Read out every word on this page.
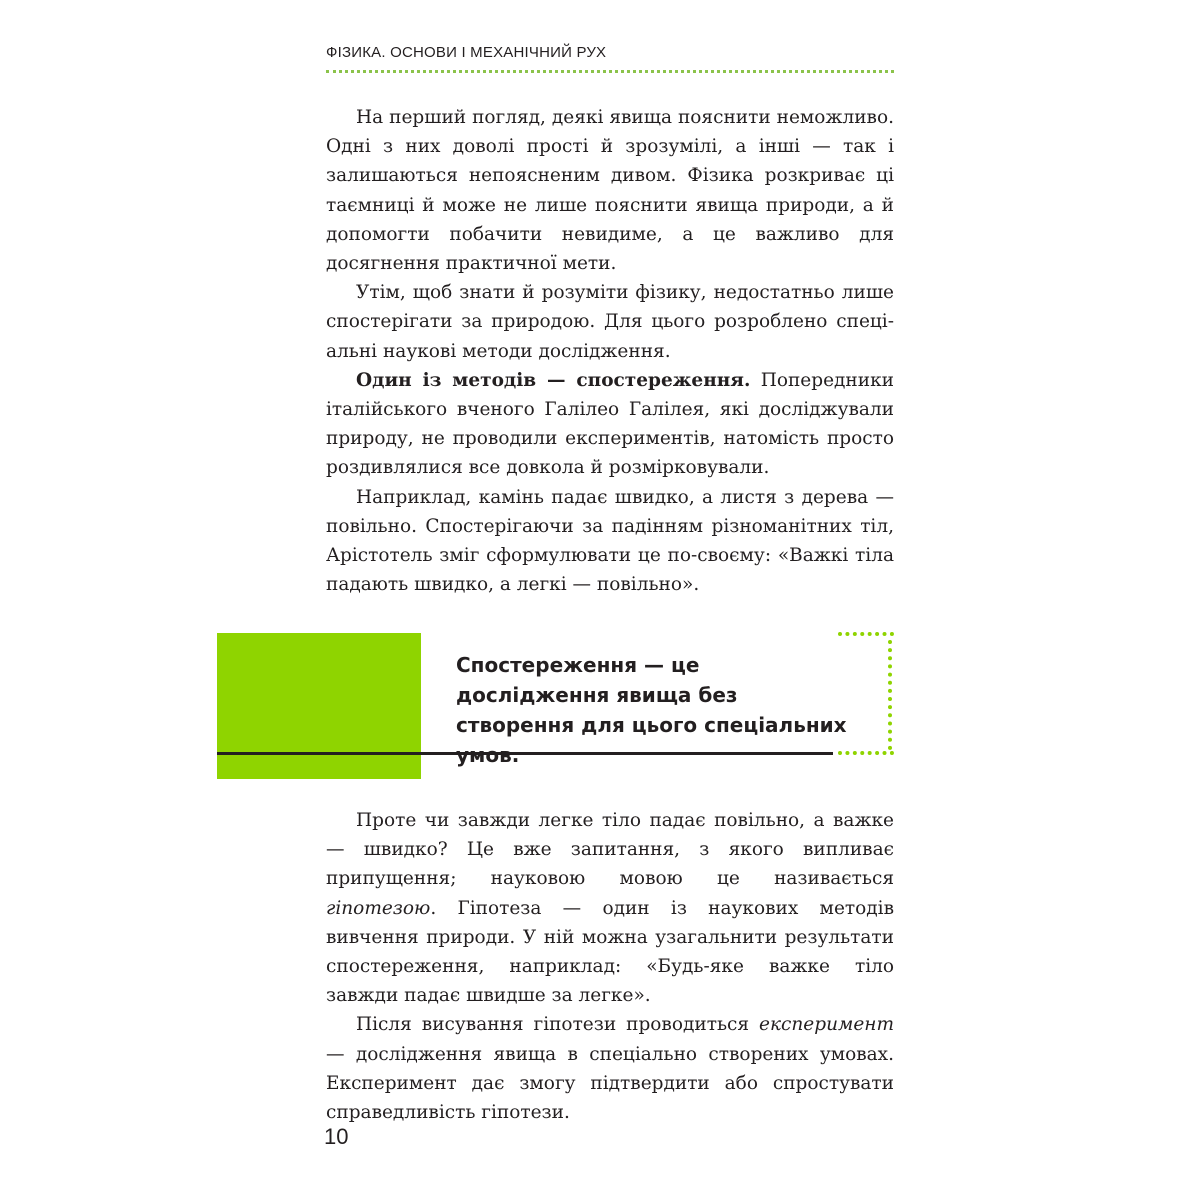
ФІЗИКА. ОСНОВИ І МЕХАНІЧНИЙ РУХ

На перший погляд, деякі явища пояснити неможливо. Одні з них доволі прості й зрозумілі, а інші — так і залишаються непоясненим дивом. Фізика розкриває ці таємниці й може не лише пояснити явища природи, а й допомогти побачити невидиме, а це важливо для досягнення практичної мети.

Утім, щоб знати й розуміти фізику, недостатньо лише спостерігати за природою. Для цього розроблено спеціальні наукові методи дослідження.

Один із методів — спостереження. Попередники італійського вченого Галілео Галілея, які досліджували природу, не проводили експериментів, натомість просто роздивлялися все довкола й розмірковували.

Наприклад, камінь падає швидко, а листя з дерева — повільно. Спостерігаючи за падінням різноманітних тіл, Арістотель зміг сформулювати це по-своєму: «Важкі тіла падають швидко, а легкі — повільно».

Спостереження — це дослідження явища без створення для цього спеціальних умов.

Проте чи завжди легке тіло падає повільно, а важке — швидко? Це вже запитання, з якого випливає припущення; науковою мовою це називається гіпотезою. Гіпотеза — один із наукових методів вивчення природи. У ній можна узагальнити результати спостереження, наприклад: «Будь-яке важке тіло завжди падає швидше за легке».

Після висування гіпотези проводиться експеримент — дослідження явища в спеціально створених умовах. Експеримент дає змогу підтвердити або спростувати справедливість гіпотези.

10
